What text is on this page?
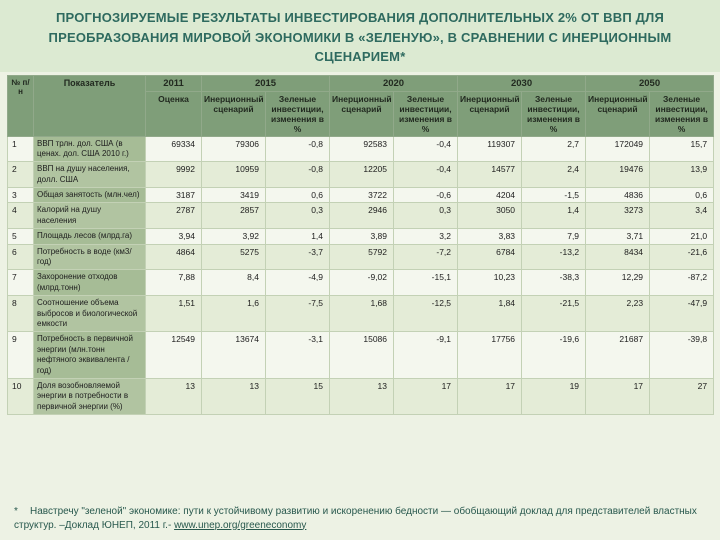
ПРОГНОЗИРУЕМЫЕ РЕЗУЛЬТАТЫ ИНВЕСТИРОВАНИЯ ДОПОЛНИТЕЛЬНЫХ 2% ОТ ВВП ДЛЯ ПРЕОБРАЗОВАНИЯ МИРОВОЙ ЭКОНОМИКИ В «ЗЕЛЕНУЮ», В СРАВНЕНИИ С ИНЕРЦИОННЫМ СЦЕНАРИЕМ*
№ п/н	Показатель	2011	2015		2020		2030		2050	
		Оценка	Инерционный сценарий	Зеленые инвестиции, изменения в %	Инерционный сценарий	Зеленые инвестиции, изменения в %	Инерционный сценарий	Зеленые инвестиции, изменения в %	Инерционный сценарий	Зеленые инвестиции, изменения в %
1	ВВП трлн. дол. США (в ценах. дол. США 2010 г.)	69334	79306	-0,8	92583	-0,4	119307	2,7	172049	15,7
2	ВВП на душу населения, долл. США	9992	10959	-0,8	12205	-0,4	14577	2,4	19476	13,9
3	Общая занятость (млн.чел)	3187	3419	0,6	3722	-0,6	4204	-1,5	4836	0,6
4	Калорий на душу населения	2787	2857	0,3	2946	0,3	3050	1,4	3273	3,4
5	Площадь лесов (млрд.га)	3,94	3,92	1,4	3,89	3,2	3,83	7,9	3,71	21,0
6	Потребность в воде (км3/год)	4864	5275	-3,7	5792	-7,2	6784	-13,2	8434	-21,6
7	Захоронение отходов (млрд.тонн)	7,88	8,4	-4,9	-9,02	-15,1	10,23	-38,3	12,29	-87,2
8	Соотношение объема выбросов и биологической емкости	1,51	1,6	-7,5	1,68	-12,5	1,84	-21,5	2,23	-47,9
9	Потребность в первичной энергии (млн.тонн нефтяного эквивалента / год)	12549	13674	-3,1	15086	-9,1	17756	-19,6	21687	-39,8
10	Доля возобновляемой энергии в потребности в первичной энергии (%)	13	13	15	13	17	17	19	17	27
* Навстречу "зеленой" экономике: пути к устойчивому развитию и искоренению бедности — обобщающий доклад для представителей властных структур. –Доклад ЮНЕП, 2011 г.- www.unep.org/greeneconomy
